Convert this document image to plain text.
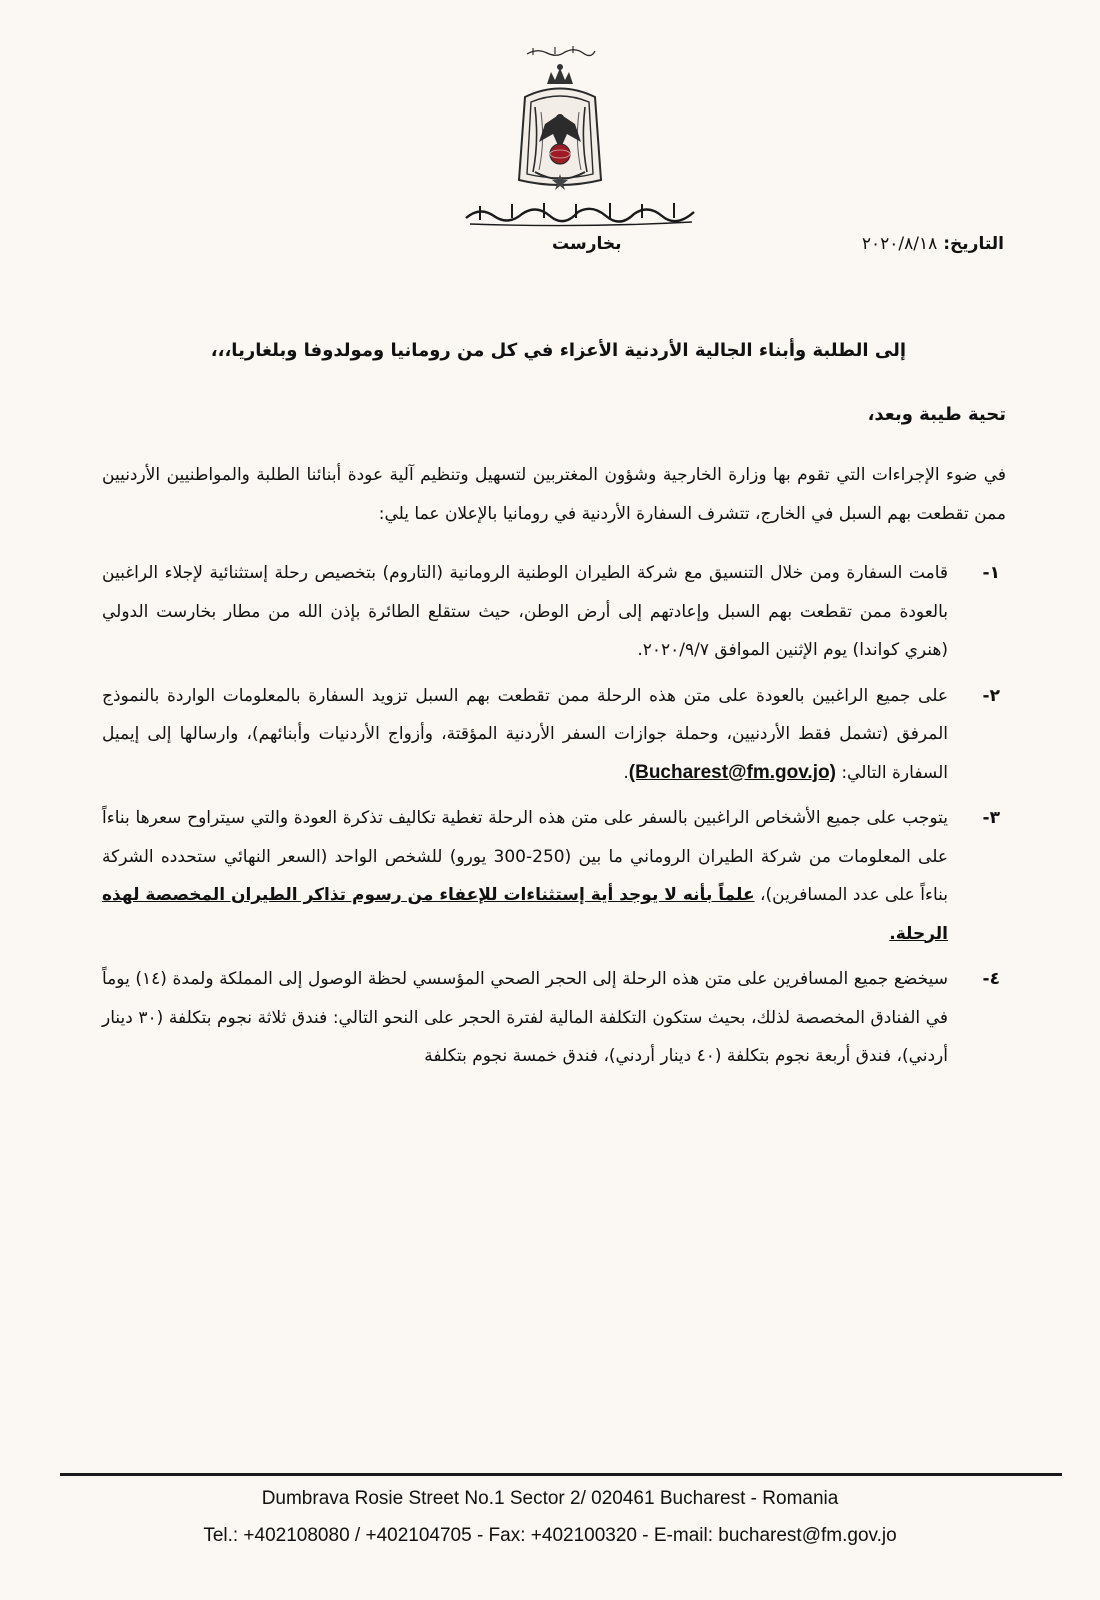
التاريخ:٢٠٢٠/٨/١٨
بخارست

إلى الطلبة وأبناء الجالية الأردنية الأعزاء في كل من رومانيا ومولدوفا وبلغاريا،،،

تحية طيبة وبعد،

في ضوء الإجراءات التي تقوم بها وزارة الخارجية وشؤون المغتربين لتسهيل وتنظيم آلية عودة أبنائنا الطلبة والمواطنيين الأردنيين ممن تقطعت بهم السبل في الخارج، تتشرف السفارة الأردنية في رومانيا بالإعلان عما يلي:

١-
قامت السفارة ومن خلال التنسيق مع شركة الطيران الوطنية الرومانية (التاروم) بتخصيص رحلة إستثنائية لإجلاء الراغبين بالعودة ممن تقطعت بهم السبل وإعادتهم إلى أرض الوطن، حيث ستقلع الطائرة بإذن الله من مطار بخارست الدولي (هنري كواندا) يوم الإثنين الموافق ٢٠٢٠/٩/٧.
٢-
على جميع الراغبين بالعودة على متن هذه الرحلة ممن تقطعت بهم السبل تزويد السفارة بالمعلومات الواردة بالنموذج المرفق (تشمل فقط الأردنيين، وحملة جوازات السفر الأردنية المؤقتة، وأزواج الأردنيات وأبنائهم)، وارسالها إلى إيميل السفارة التالي: (Bucharest@fm.gov.jo).
٣-
يتوجب على جميع الأشخاص الراغبين بالسفر على متن هذه الرحلة تغطية تكاليف تذكرة العودة والتي سيتراوح سعرها بناءاً على المعلومات من شركة الطيران الروماني ما بين (250-300 يورو) للشخص الواحد (السعر النهائي ستحدده الشركة بناءاً على عدد المسافرين)، علماً بأنه لا يوجد أية إستثناءات للإعفاء من رسوم تذاكر الطيران المخصصة لهذه الرحلة.
٤-
سيخضع جميع المسافرين على متن هذه الرحلة إلى الحجر الصحي المؤسسي لحظة الوصول إلى المملكة ولمدة (١٤) يوماً في الفنادق المخصصة لذلك، بحيث ستكون التكلفة المالية لفترة الحجر على النحو التالي: فندق ثلاثة نجوم بتكلفة (٣٠ دينار أردني)، فندق أربعة نجوم بتكلفة (٤٠ دينار أردني)، فندق خمسة نجوم بتكلفة
Dumbrava Rosie Street No.1 Sector 2/ 020461 Bucharest - Romania
Tel.: +402108080 / +402104705 - Fax: +402100320 - E-mail: bucharest@fm.gov.jo
